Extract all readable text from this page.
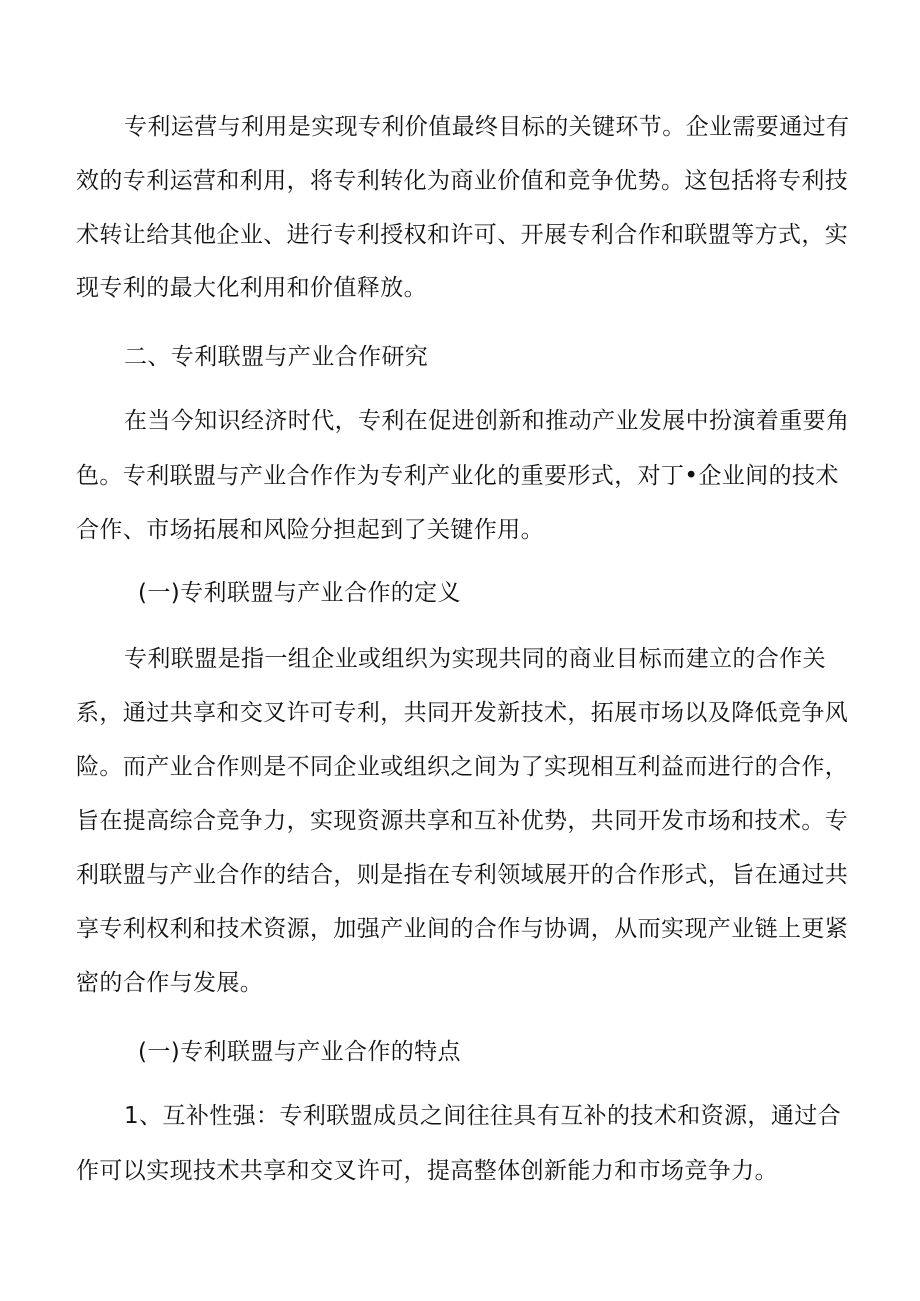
专利运营与利用是实现专利价值最终目标的关键环节。企业需要通过有
效的专利运营和利用，将专利转化为商业价值和竞争优势。这包括将专利技
术转让给其他企业、进行专利授权和许可、开展专利合作和联盟等方式，实
现专利的最大化利用和价值释放。
二、专利联盟与产业合作研究
在当今知识经济时代，专利在促进创新和推动产业发展中扮演着重要角
色。专利联盟与产业合作作为专利产业化的重要形式，对丁•企业间的技术
合作、市场拓展和风险分担起到了关键作用。
(一)专利联盟与产业合作的定义
专利联盟是指一组企业或组织为实现共同的商业目标而建立的合作关
系，通过共享和交叉许可专利，共同开发新技术，拓展市场以及降低竞争风
险。而产业合作则是不同企业或组织之间为了实现相互利益而进行的合作，
旨在提高综合竞争力，实现资源共享和互补优势，共同开发市场和技术。专
利联盟与产业合作的结合，则是指在专利领域展开的合作形式，旨在通过共
享专利权利和技术资源，加强产业间的合作与协调，从而实现产业链上更紧
密的合作与发展。
(一)专利联盟与产业合作的特点
1、互补性强：专利联盟成员之间往往具有互补的技术和资源，通过合
作可以实现技术共享和交叉许可，提高整体创新能力和市场竞争力。
